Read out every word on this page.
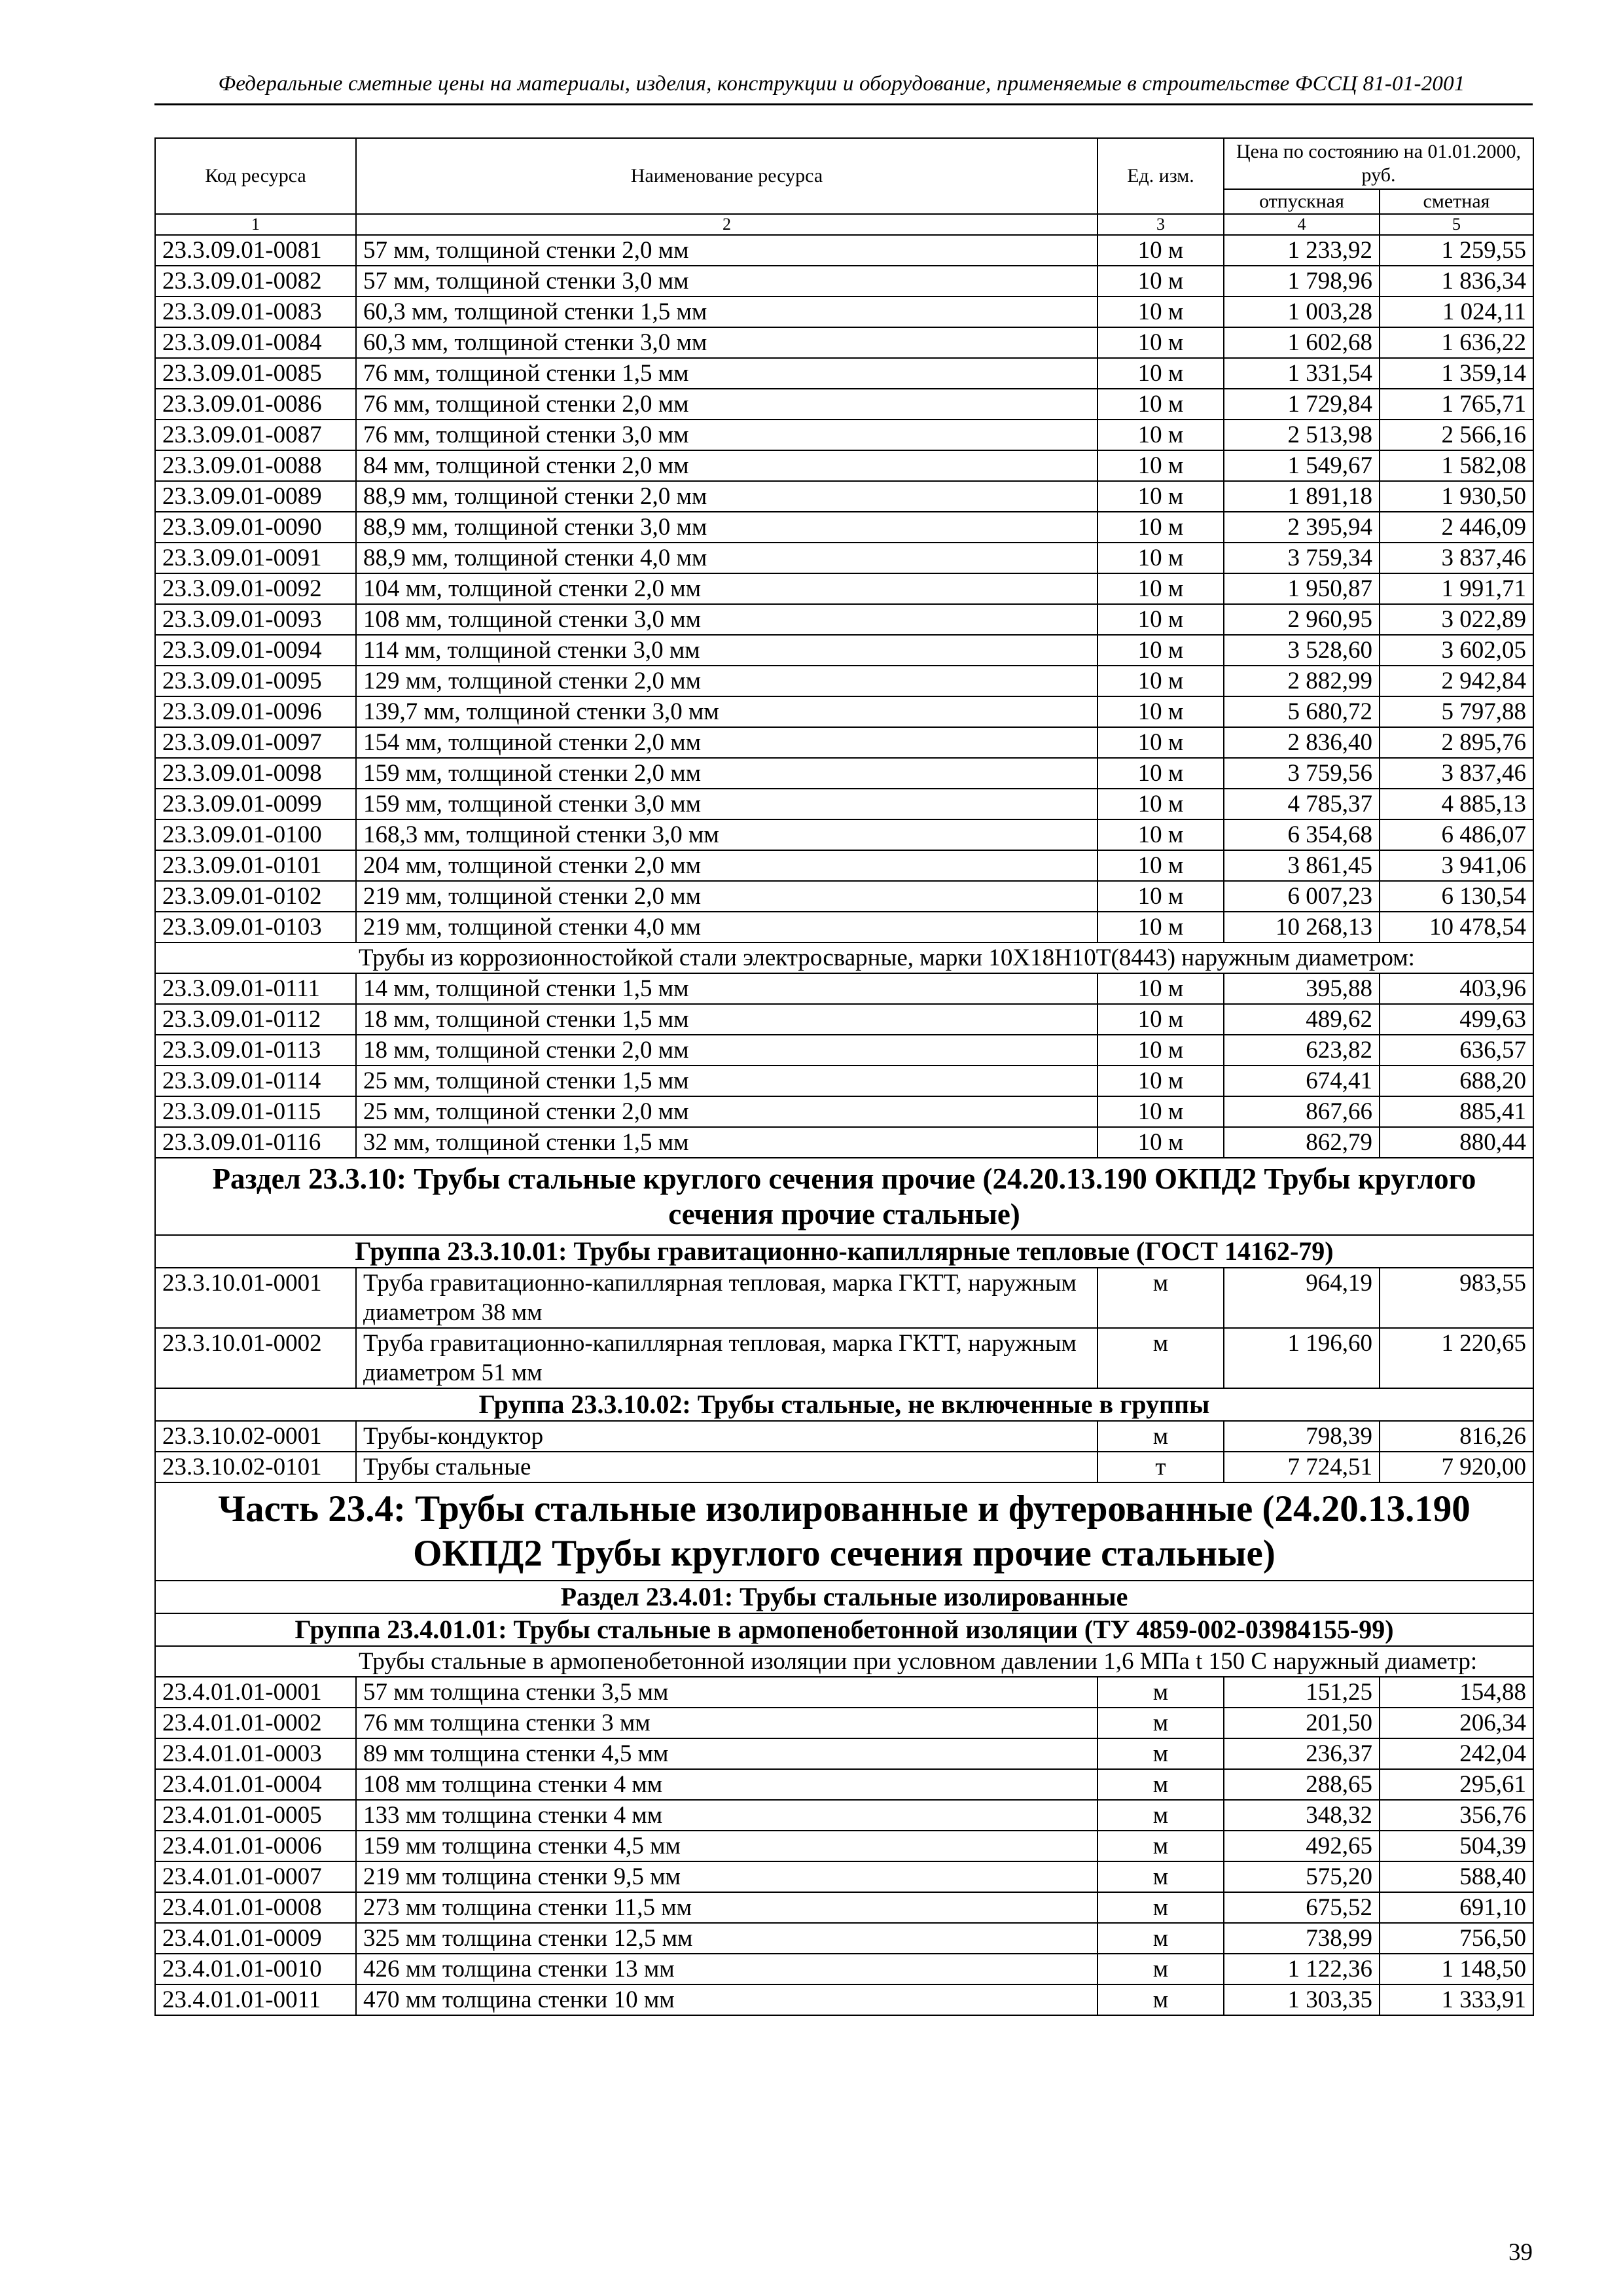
Федеральные сметные цены на материалы, изделия, конструкции и оборудование, применяемые в строительстве ФССЦ 81-01-2001
Код ресурса	Наименование ресурса	Ед. изм.	Цена по состоянию на 01.01.2000, руб.	
			отпускная	сметная
1	2	3	4	5
23.3.09.01-0081	57 мм, толщиной стенки 2,0 мм	10 м	1 233,92	1 259,55
23.3.09.01-0082	57 мм, толщиной стенки 3,0 мм	10 м	1 798,96	1 836,34
23.3.09.01-0083	60,3 мм, толщиной стенки 1,5 мм	10 м	1 003,28	1 024,11
23.3.09.01-0084	60,3 мм, толщиной стенки 3,0 мм	10 м	1 602,68	1 636,22
23.3.09.01-0085	76 мм, толщиной стенки 1,5 мм	10 м	1 331,54	1 359,14
23.3.09.01-0086	76 мм, толщиной стенки 2,0 мм	10 м	1 729,84	1 765,71
23.3.09.01-0087	76 мм, толщиной стенки 3,0 мм	10 м	2 513,98	2 566,16
23.3.09.01-0088	84 мм, толщиной стенки 2,0 мм	10 м	1 549,67	1 582,08
23.3.09.01-0089	88,9 мм, толщиной стенки 2,0 мм	10 м	1 891,18	1 930,50
23.3.09.01-0090	88,9 мм, толщиной стенки 3,0 мм	10 м	2 395,94	2 446,09
23.3.09.01-0091	88,9 мм, толщиной стенки 4,0 мм	10 м	3 759,34	3 837,46
23.3.09.01-0092	104 мм, толщиной стенки 2,0 мм	10 м	1 950,87	1 991,71
23.3.09.01-0093	108 мм, толщиной стенки 3,0 мм	10 м	2 960,95	3 022,89
23.3.09.01-0094	114 мм, толщиной стенки 3,0 мм	10 м	3 528,60	3 602,05
23.3.09.01-0095	129 мм, толщиной стенки 2,0 мм	10 м	2 882,99	2 942,84
23.3.09.01-0096	139,7 мм, толщиной стенки 3,0 мм	10 м	5 680,72	5 797,88
23.3.09.01-0097	154 мм, толщиной стенки 2,0 мм	10 м	2 836,40	2 895,76
23.3.09.01-0098	159 мм, толщиной стенки 2,0 мм	10 м	3 759,56	3 837,46
23.3.09.01-0099	159 мм, толщиной стенки 3,0 мм	10 м	4 785,37	4 885,13
23.3.09.01-0100	168,3 мм, толщиной стенки 3,0 мм	10 м	6 354,68	6 486,07
23.3.09.01-0101	204 мм, толщиной стенки 2,0 мм	10 м	3 861,45	3 941,06
23.3.09.01-0102	219 мм, толщиной стенки 2,0 мм	10 м	6 007,23	6 130,54
23.3.09.01-0103	219 мм, толщиной стенки 4,0 мм	10 м	10 268,13	10 478,54
Трубы из коррозионностойкой стали электросварные, марки 10Х18Н10Т(8443) наружным диаметром:				
23.3.09.01-0111	14 мм, толщиной стенки 1,5 мм	10 м	395,88	403,96
23.3.09.01-0112	18 мм, толщиной стенки 1,5 мм	10 м	489,62	499,63
23.3.09.01-0113	18 мм, толщиной стенки 2,0 мм	10 м	623,82	636,57
23.3.09.01-0114	25 мм, толщиной стенки 1,5 мм	10 м	674,41	688,20
23.3.09.01-0115	25 мм, толщиной стенки 2,0 мм	10 м	867,66	885,41
23.3.09.01-0116	32 мм, толщиной стенки 1,5 мм	10 м	862,79	880,44
Раздел 23.3.10: Трубы стальные круглого сечения прочие (24.20.13.190 ОКПД2 Трубы круглого сечения прочие стальные)				
Группа 23.3.10.01: Трубы гравитационно-капиллярные тепловые (ГОСТ 14162-79)				
23.3.10.01-0001	Труба гравитационно-капиллярная тепловая, марка ГКТТ, наружным диаметром 38 мм	м	964,19	983,55
23.3.10.01-0002	Труба гравитационно-капиллярная тепловая, марка ГКТТ, наружным диаметром 51 мм	м	1 196,60	1 220,65
Группа 23.3.10.02: Трубы стальные, не включенные в группы				
23.3.10.02-0001	Трубы-кондуктор	м	798,39	816,26
23.3.10.02-0101	Трубы стальные	т	7 724,51	7 920,00
Часть 23.4: Трубы стальные изолированные и футерованные (24.20.13.190 ОКПД2 Трубы круглого сечения прочие стальные)				
Раздел 23.4.01: Трубы стальные изолированные				
Группа 23.4.01.01: Трубы стальные в армопенобетонной изоляции (ТУ 4859-002-03984155-99)				
Трубы стальные в армопенобетонной изоляции при условном давлении 1,6 МПа t 150 С наружный диаметр:				
23.4.01.01-0001	57 мм толщина стенки 3,5 мм	м	151,25	154,88
23.4.01.01-0002	76 мм толщина стенки 3 мм	м	201,50	206,34
23.4.01.01-0003	89 мм толщина стенки 4,5 мм	м	236,37	242,04
23.4.01.01-0004	108 мм толщина стенки 4 мм	м	288,65	295,61
23.4.01.01-0005	133 мм толщина стенки 4 мм	м	348,32	356,76
23.4.01.01-0006	159 мм толщина стенки 4,5 мм	м	492,65	504,39
23.4.01.01-0007	219 мм толщина стенки 9,5 мм	м	575,20	588,40
23.4.01.01-0008	273 мм толщина стенки 11,5 мм	м	675,52	691,10
23.4.01.01-0009	325 мм толщина стенки 12,5 мм	м	738,99	756,50
23.4.01.01-0010	426 мм толщина стенки 13 мм	м	1 122,36	1 148,50
23.4.01.01-0011	470 мм толщина стенки 10 мм	м	1 303,35	1 333,91
39
